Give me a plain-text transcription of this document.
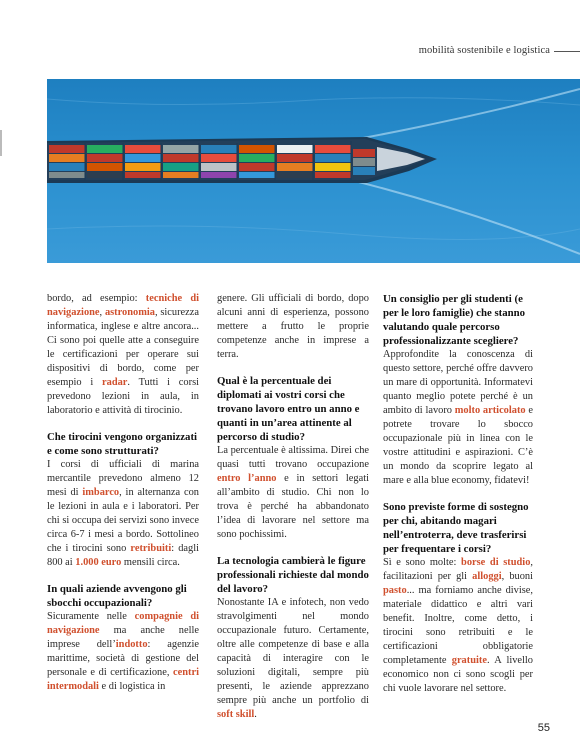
mobilità sostenibile e logistica

bordo, ad esempio: tecniche di navigazione, astronomia, sicurezza informatica, inglese e altre ancora... Ci sono poi quelle atte a conseguire le certificazioni per operare sui dispositivi di bordo, come per esempio i radar. Tutti i corsi prevedono lezioni in aula, in laboratorio e attività di tirocinio.

Che tirocini vengono organizzati e come sono strutturati?

I corsi di ufficiali di marina mercantile prevedono almeno 12 mesi di imbarco, in alternanza con le lezioni in aula e i laboratori. Per chi si occupa dei servizi sono invece circa 6-7 i mesi a bordo. Sottolineo che i tirocini sono retribuiti: dagli 800 ai 1.000 euro mensili circa.

In quali aziende avvengono gli sbocchi occupazionali?

Sicuramente nelle compagnie di navigazione ma anche nelle imprese dell’indotto: agenzie marittime, società di gestione del personale e di certificazione, centri intermodali e di logistica in

genere. Gli ufficiali di bordo, dopo alcuni anni di esperienza, possono mettere a frutto le proprie competenze anche in imprese a terra.

Qual è la percentuale dei diplomati ai vostri corsi che trovano lavoro entro un anno e quanti in un’area attinente al percorso di studio?

La percentuale è altissima. Direi che quasi tutti trovano occupazione entro l’anno e in settori legati all’ambito di studio. Chi non lo trova è perché ha abbandonato l’idea di lavorare nel settore ma sono pochissimi.

La tecnologia cambierà le figure professionali richieste dal mondo del lavoro?

Nonostante IA e infotech, non vedo stravolgimenti nel mondo occupazionale futuro. Certamente, oltre alle competenze di base e alla capacità di interagire con le soluzioni digitali, sempre più presenti, le aziende apprezzano sempre più anche un portfolio di soft skill.

Un consiglio per gli studenti (e per le loro famiglie) che stanno valutando quale percorso professionalizzante scegliere?

Approfondite la conoscenza di questo settore, perché offre davvero un mare di opportunità. Informatevi quanto meglio potete perché è un ambito di lavoro molto articolato e potrete trovare lo sbocco occupazionale più in linea con le vostre attitudini e aspirazioni. C’è un mondo da scoprire legato al mare e alla blue economy, fidatevi!

Sono previste forme di sostegno per chi, abitando magari nell’entroterra, deve trasferirsi per frequentare i corsi?

Sì e sono molte: borse di studio, facilitazioni per gli alloggi, buoni pasto... ma forniamo anche divise, materiale didattico e altri vari benefit. Inoltre, come detto, i tirocini sono retribuiti e le certificazioni obbligatorie completamente gratuite. A livello economico non ci sono scogli per chi vuole lavorare nel settore.

55
